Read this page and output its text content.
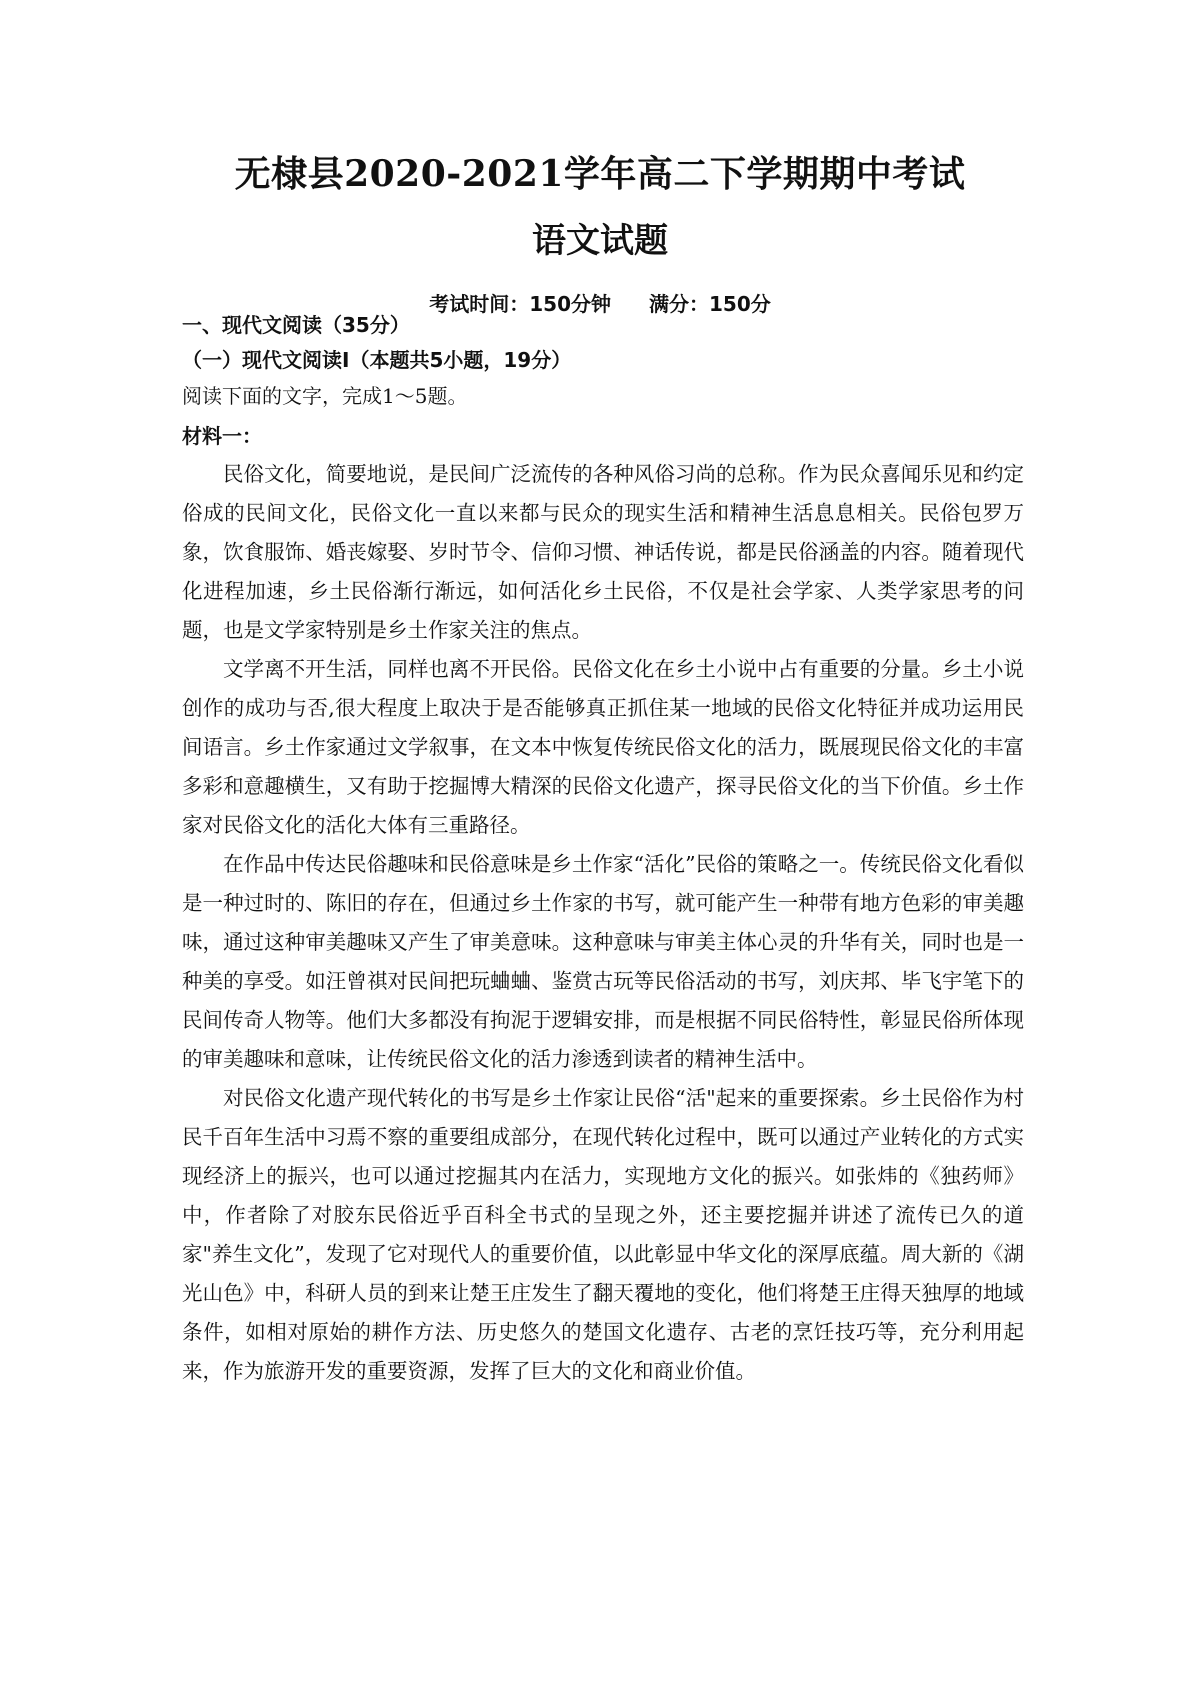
无棣县2020-2021学年高二下学期期中考试
语文试题
考试时间：150分钟 满分：150分
一、现代文阅读（35分）
（一）现代文阅读Ⅰ（本题共5小题，19分）
阅读下面的文字，完成1～5题。
材料一：

民俗文化，简要地说，是民间广泛流传的各种风俗习尚的总称。作为民众喜闻乐见和约定俗成的民间文化，民俗文化一直以来都与民众的现实生活和精神生活息息相关。民俗包罗万象，饮食服饰、婚丧嫁娶、岁时节令、信仰习惯、神话传说，都是民俗涵盖的内容。随着现代化进程加速，乡土民俗渐行渐远，如何活化乡土民俗，不仅是社会学家、人类学家思考的问题，也是文学家特别是乡土作家关注的焦点。

文学离不开生活，同样也离不开民俗。民俗文化在乡土小说中占有重要的分量。乡土小说创作的成功与否,很大程度上取决于是否能够真正抓住某一地域的民俗文化特征并成功运用民间语言。乡土作家通过文学叙事，在文本中恢复传统民俗文化的活力，既展现民俗文化的丰富多彩和意趣横生，又有助于挖掘博大精深的民俗文化遗产，探寻民俗文化的当下价值。乡土作家对民俗文化的活化大体有三重路径。

在作品中传达民俗趣味和民俗意味是乡土作家“活化”民俗的策略之一。传统民俗文化看似是一种过时的、陈旧的存在，但通过乡土作家的书写，就可能产生一种带有地方色彩的审美趣味，通过这种审美趣味又产生了审美意味。这种意味与审美主体心灵的升华有关，同时也是一种美的享受。如汪曾祺对民间把玩蛐蛐、鉴赏古玩等民俗活动的书写，刘庆邦、毕飞宇笔下的民间传奇人物等。他们大多都没有拘泥于逻辑安排，而是根据不同民俗特性，彰显民俗所体现的审美趣味和意味，让传统民俗文化的活力渗透到读者的精神生活中。

对民俗文化遗产现代转化的书写是乡土作家让民俗“活"起来的重要探索。乡土民俗作为村民千百年生活中习焉不察的重要组成部分，在现代转化过程中，既可以通过产业转化的方式实现经济上的振兴，也可以通过挖掘其内在活力，实现地方文化的振兴。如张炜的《独药师》中，作者除了对胶东民俗近乎百科全书式的呈现之外，还主要挖掘并讲述了流传已久的道家"养生文化”，发现了它对现代人的重要价值，以此彰显中华文化的深厚底蕴。周大新的《湖光山色》中，科研人员的到来让楚王庄发生了翻天覆地的变化，他们将楚王庄得天独厚的地域条件，如相对原始的耕作方法、历史悠久的楚国文化遗存、古老的烹饪技巧等，充分利用起来，作为旅游开发的重要资源，发挥了巨大的文化和商业价值。
